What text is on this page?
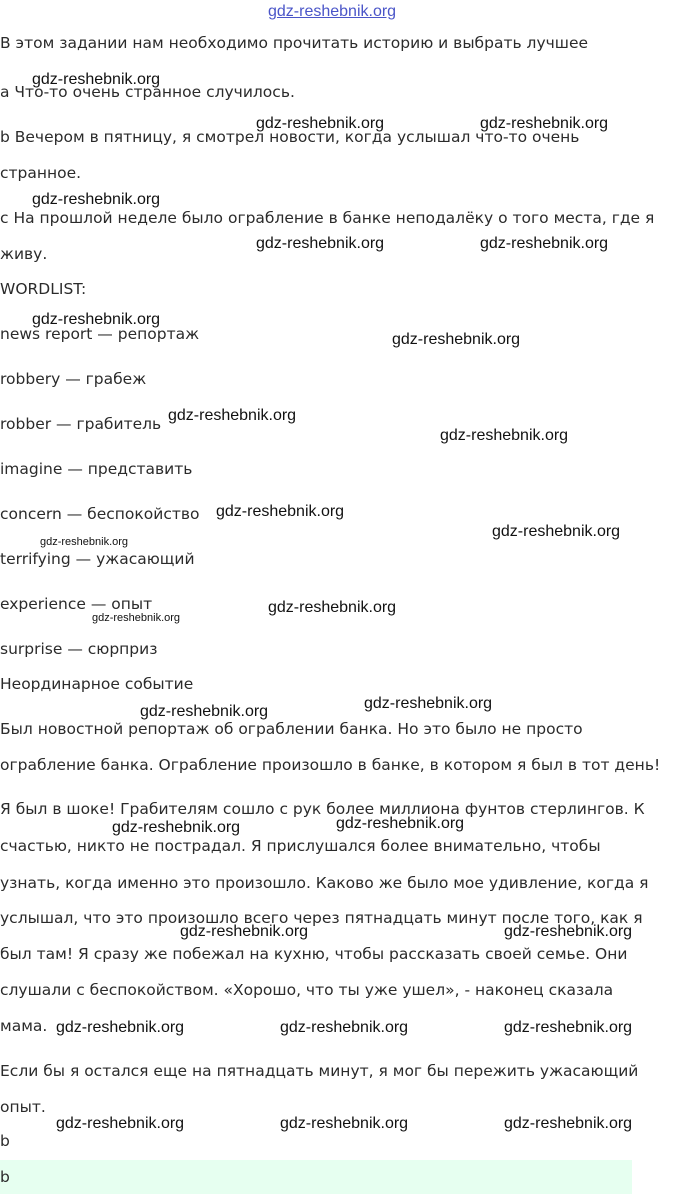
В этом задании нам необходимо прочитать историю и выбрать лучшее
a Что-то очень странное случилось.
b Вечером в пятницу, я смотрел новости, когда услышал что-то очень
странное.
c На прошлой неделе было ограбление в банке неподалёку о того места, где я
живу.
WORDLIST:
news report — репортаж
robbery — грабеж
robber — грабитель
imagine — представить
concern — беспокойство
terrifying — ужасающий
experience — опыт
surprise — сюрприз
Неординарное событие
Был новостной репортаж об ограблении банка. Но это было не просто
ограбление банка. Ограбление произошло в банке, в котором я был в тот день!
Я был в шоке! Грабителям сошло с рук более миллиона фунтов стерлингов. К
счастью, никто не пострадал. Я прислушался более внимательно, чтобы
узнать, когда именно это произошло. Каково же было мое удивление, когда я
услышал, что это произошло всего через пятнадцать минут после того, как я
был там! Я сразу же побежал на кухню, чтобы рассказать своей семье. Они
слушали с беспокойством. «Хорошо, что ты уже ушел», - наконец сказала
мама.
Если бы я остался еще на пятнадцать минут, я мог бы пережить ужасающий
опыт.
b
b
gdz-reshebnik.org
gdz-reshebnik.org
gdz-reshebnik.org	gdz-reshebnik.org
gdz-reshebnik.org
gdz-reshebnik.org	gdz-reshebnik.org
gdz-reshebnik.org
gdz-reshebnik.org
gdz-reshebnik.org
gdz-reshebnik.org
gdz-reshebnik.org
gdz-reshebnik.org
gdz-reshebnik.org
gdz-reshebnik.org
gdz-reshebnik.org
gdz-reshebnik.org
gdz-reshebnik.org
gdz-reshebnik.org
gdz-reshebnik.org
gdz-reshebnik.org	gdz-reshebnik.org
gdz-reshebnik.org	gdz-reshebnik.org	gdz-reshebnik.org
gdz-reshebnik.org	gdz-reshebnik.org	gdz-reshebnik.org
